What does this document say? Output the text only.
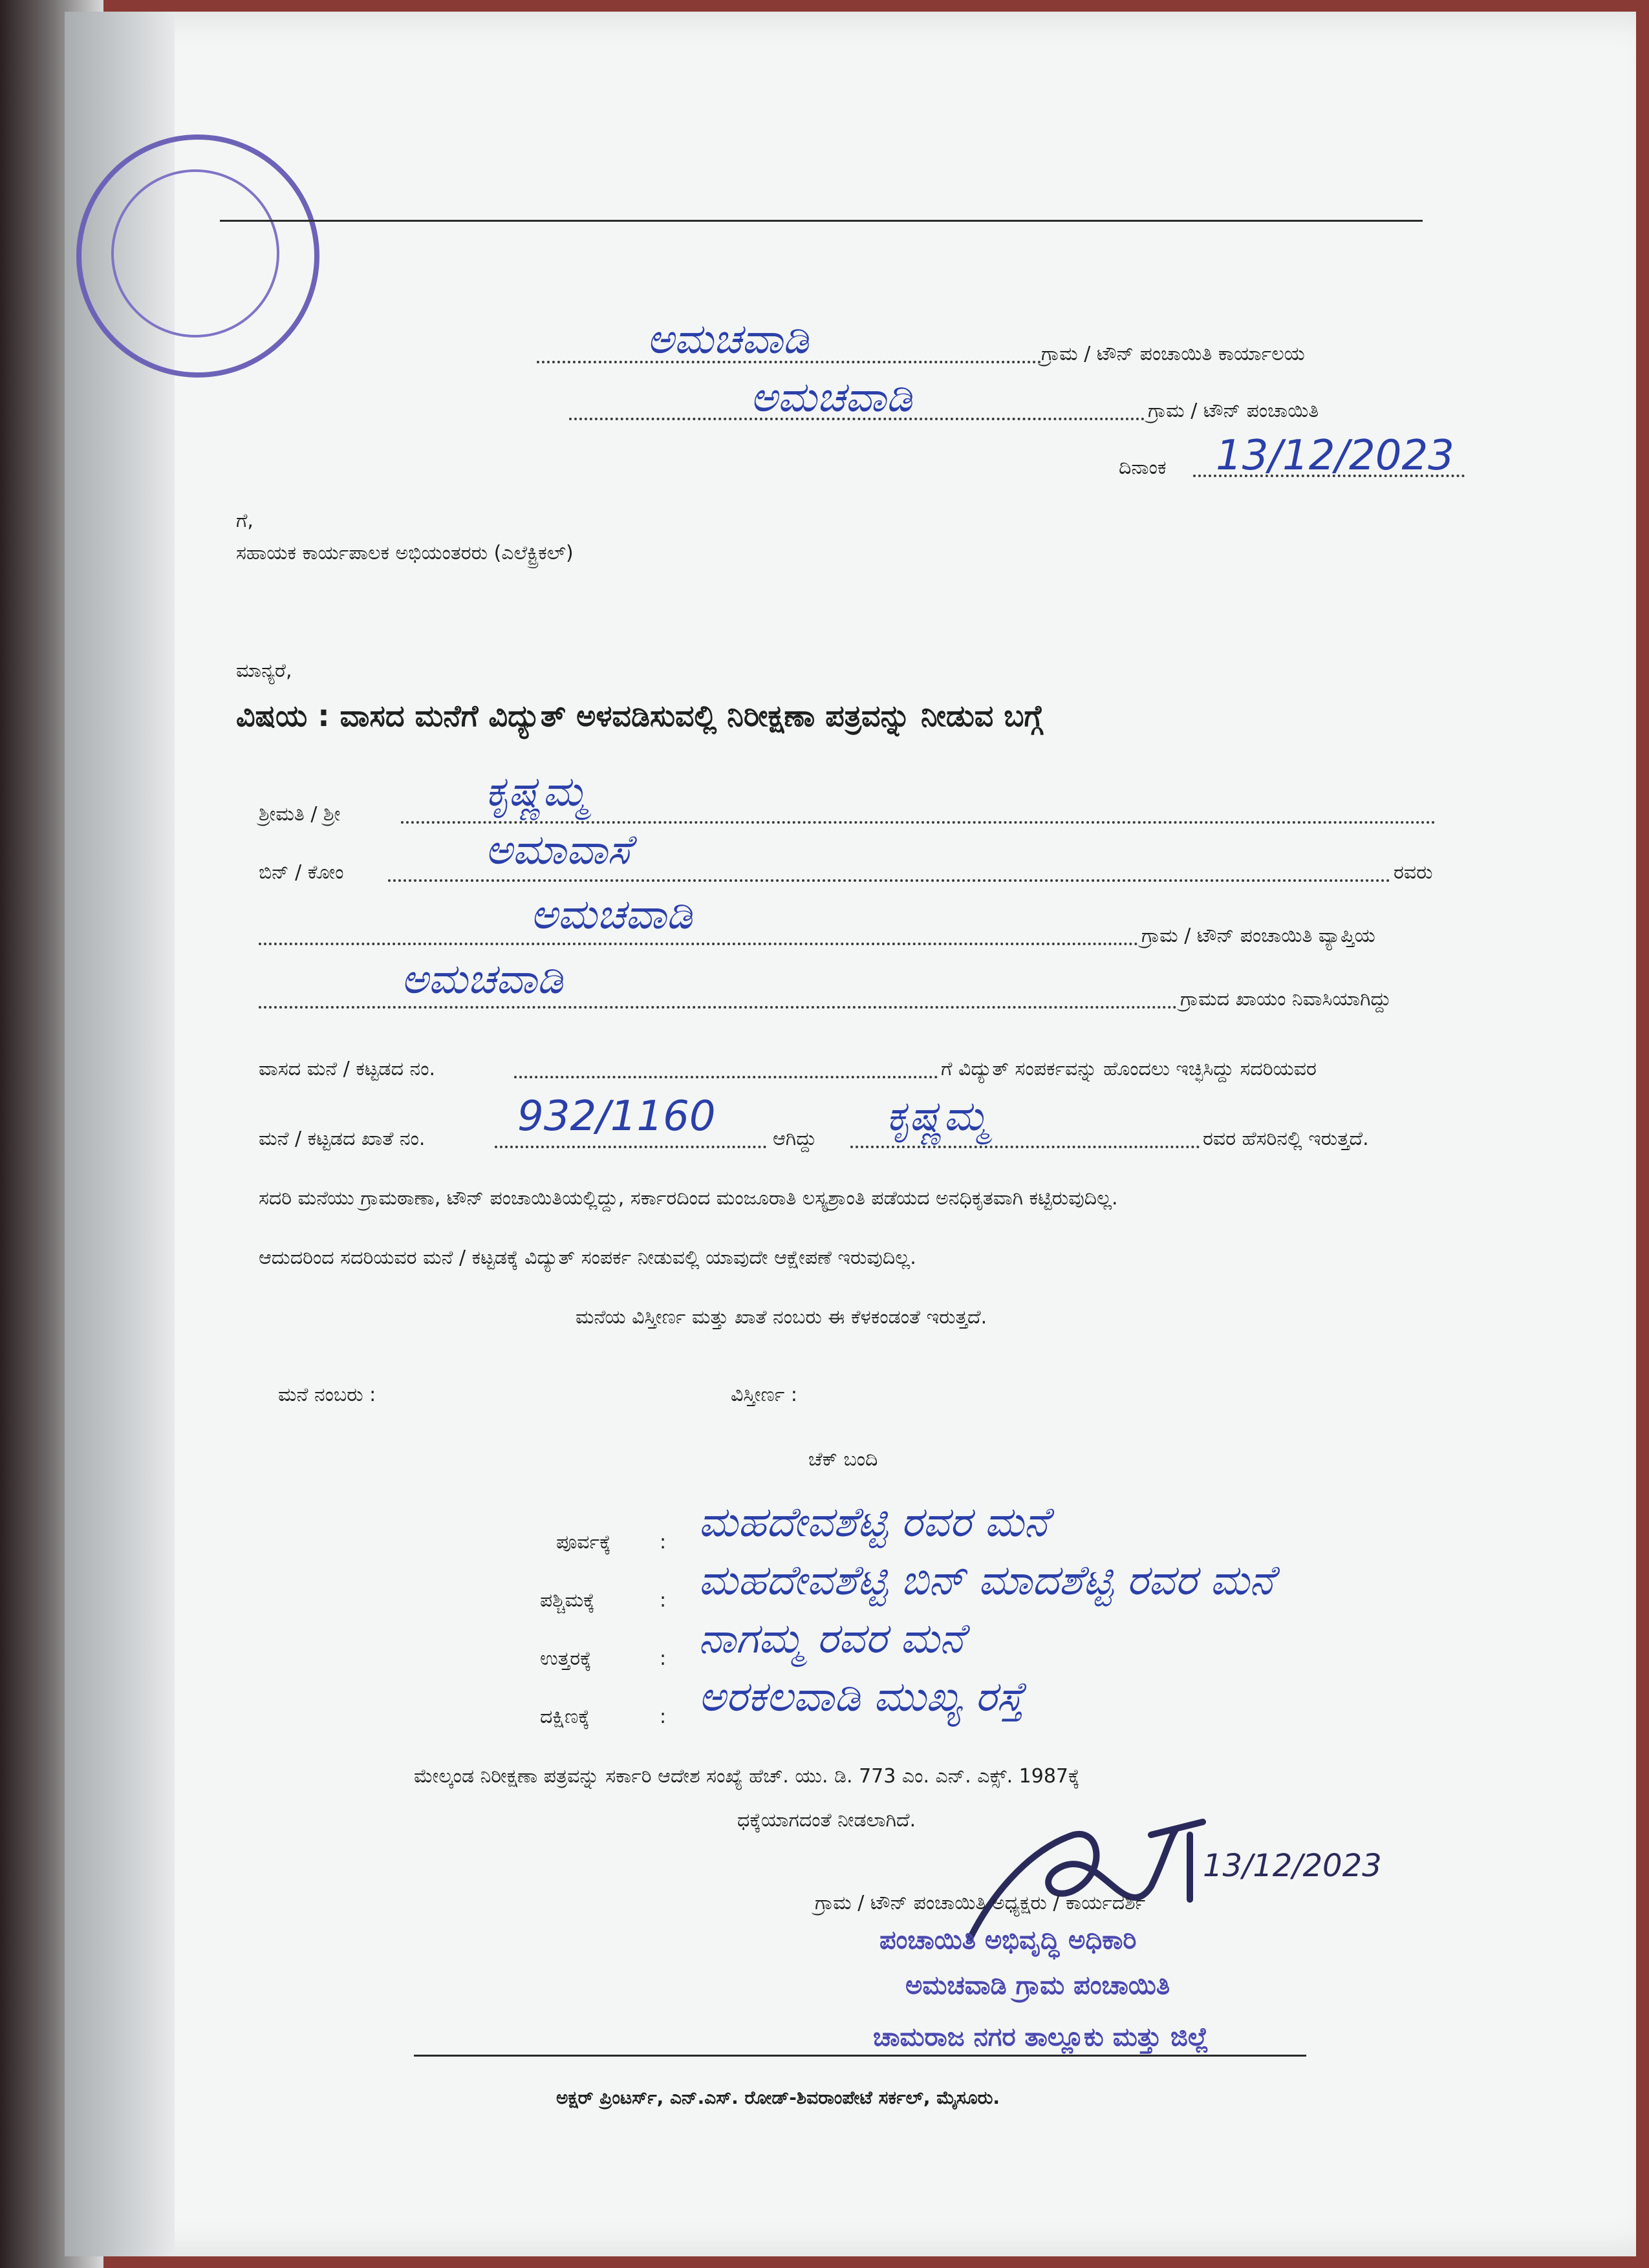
ಅಮಚವಾಡಿ	ಗ್ರಾಮ / ಟೌನ್ ಪಂಚಾಯಿತಿ ಕಾರ್ಯಾಲಯ
ಅಮಚವಾಡಿ	ಗ್ರಾಮ / ಟೌನ್ ಪಂಚಾಯಿತಿ
ದಿನಾಂಕ 13/12/2023
ಗೆ,
ಸಹಾಯಕ ಕಾರ್ಯಪಾಲಕ ಅಭಿಯಂತರರು (ಎಲೆಕ್ಟ್ರಿಕಲ್)
ಮಾನ್ಯರೆ,
ವಿಷಯ : ವಾಸದ ಮನೆಗೆ ವಿದ್ಯುತ್ ಅಳವಡಿಸುವಲ್ಲಿ ನಿರೀಕ್ಷಣಾ ಪತ್ರವನ್ನು ನೀಡುವ ಬಗ್ಗೆ
ಶ್ರೀಮತಿ / ಶ್ರೀ	ಕೃಷ್ಣಮ್ಮ
ಬಿನ್ / ಕೋಂ	ಅಮಾವಾಸೆ	ರವರು
ಅಮಚವಾಡಿ	ಗ್ರಾಮ / ಟೌನ್ ಪಂಚಾಯಿತಿ ವ್ಯಾಪ್ತಿಯ
ಅಮಚವಾಡಿ	ಗ್ರಾಮದ ಖಾಯಂ ನಿವಾಸಿಯಾಗಿದ್ದು
ವಾಸದ ಮನೆ / ಕಟ್ಟಡದ ನಂ.	ಗೆ ವಿದ್ಯುತ್ ಸಂಪರ್ಕವನ್ನು ಹೊಂದಲು ಇಚ್ಛಿಸಿದ್ದು ಸದರಿಯವರ
ಮನೆ / ಕಟ್ಟಡದ ಖಾತೆ ನಂ. 932/1160	ಆಗಿದ್ದು ಕೃಷ್ಣಮ್ಮ	ರವರ ಹೆಸರಿನಲ್ಲಿ ಇರುತ್ತದೆ.
ಸದರಿ ಮನೆಯು ಗ್ರಾಮಠಾಣಾ, ಟೌನ್ ಪಂಚಾಯಿತಿಯಲ್ಲಿದ್ದು, ಸರ್ಕಾರದಿಂದ ಮಂಜೂರಾತಿ ಲಸ್ಯಶ್ರಾಂತಿ ಪಡೆಯದ ಅನಧಿಕೃತವಾಗಿ ಕಟ್ಟಿರುವುದಿಲ್ಲ.
ಆದುದರಿಂದ ಸದರಿಯವರ ಮನೆ / ಕಟ್ಟಡಕ್ಕೆ ವಿದ್ಯುತ್ ಸಂಪರ್ಕ ನೀಡುವಲ್ಲಿ ಯಾವುದೇ ಆಕ್ಷೇಪಣೆ ಇರುವುದಿಲ್ಲ.
ಮನೆಯ ವಿಸ್ತೀರ್ಣ ಮತ್ತು ಖಾತೆ ನಂಬರು ಈ ಕೆಳಕಂಡಂತೆ ಇರುತ್ತದೆ.
ಮನೆ ನಂಬರು :	ವಿಸ್ತೀರ್ಣ :
ಚೆಕ್ ಬಂದಿ
ಪೂರ್ವಕ್ಕೆ	: ಮಹದೇವಶೆಟ್ಟಿ ರವರ ಮನೆ
ಪಶ್ಚಿಮಕ್ಕೆ	: ಮಹದೇವಶೆಟ್ಟಿ ಬಿನ್ ಮಾದಶೆಟ್ಟಿ ರವರ ಮನೆ
ಉತ್ತರಕ್ಕೆ	: ನಾಗಮ್ಮ ರವರ ಮನೆ
ದಕ್ಷಿಣಕ್ಕೆ	: ಅರಕಲವಾಡಿ ಮುಖ್ಯ ರಸ್ತೆ
ಮೇಲ್ಕಂಡ ನಿರೀಕ್ಷಣಾ ಪತ್ರವನ್ನು ಸರ್ಕಾರಿ ಆದೇಶ ಸಂಖ್ಯೆ ಹೆಚ್. ಯು. ಡಿ. 773 ಎಂ. ಎನ್. ಎಕ್ಸ್. 1987ಕ್ಕೆ
ಧಕ್ಕೆಯಾಗದಂತೆ ನೀಡಲಾಗಿದೆ.
ಗ್ರಾಮ / ಟೌನ್ ಪಂಚಾಯಿತಿ ಅಧ್ಯಕ್ಷರು / ಕಾರ್ಯದರ್ಶಿ
13/12/2023
ಪಂಚಾಯಿತಿ ಅಭಿವೃದ್ಧಿ ಅಧಿಕಾರಿ
ಅಮಚವಾಡಿ ಗ್ರಾಮ ಪಂಚಾಯಿತಿ
ಚಾಮರಾಜ ನಗರ ತಾಲ್ಲೂಕು ಮತ್ತು ಜಿಲ್ಲೆ
ಅಕ್ಷರ್ ಪ್ರಿಂಟರ್ಸ್, ಎನ್.ಎಸ್. ರೋಡ್-ಶಿವರಾಂಪೇಟೆ ಸರ್ಕಲ್, ಮೈಸೂರು.
